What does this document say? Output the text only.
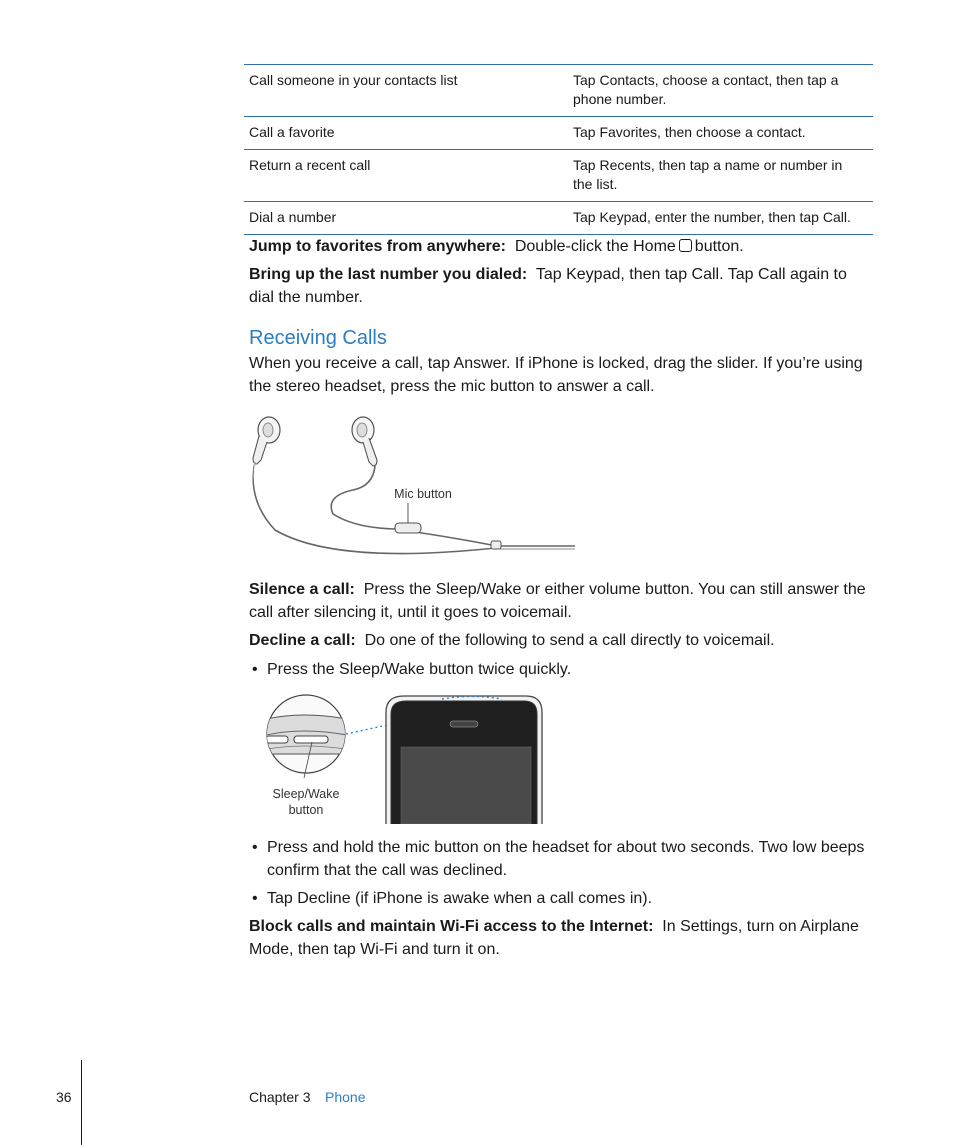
Call someone in your contacts list	Tap Contacts, choose a contact, then tap a phone number.
Call a favorite	Tap Favorites, then choose a contact.
Return a recent call	Tap Recents, then tap a name or number in the list.
Dial a number	Tap Keypad, enter the number, then tap Call.
Jump to favorites from anywhere: Double-click the Home button.
Bring up the last number you dialed: Tap Keypad, then tap Call. Tap Call again to dial the number.
Receiving Calls
When you receive a call, tap Answer. If iPhone is locked, drag the slider. If you’re using the stereo headset, press the mic button to answer a call.
Mic button
Silence a call: Press the Sleep/Wake or either volume button. You can still answer the call after silencing it, until it goes to voicemail.
Decline a call: Do one of the following to send a call directly to voicemail.
• Press the Sleep/Wake button twice quickly.
Sleep/Wake
button
• Press and hold the mic button on the headset for about two seconds. Two low beeps confirm that the call was declined.
• Tap Decline (if iPhone is awake when a call comes in).
Block calls and maintain Wi-Fi access to the Internet: In Settings, turn on Airplane Mode, then tap Wi-Fi and turn it on.
36	Chapter 3 Phone
